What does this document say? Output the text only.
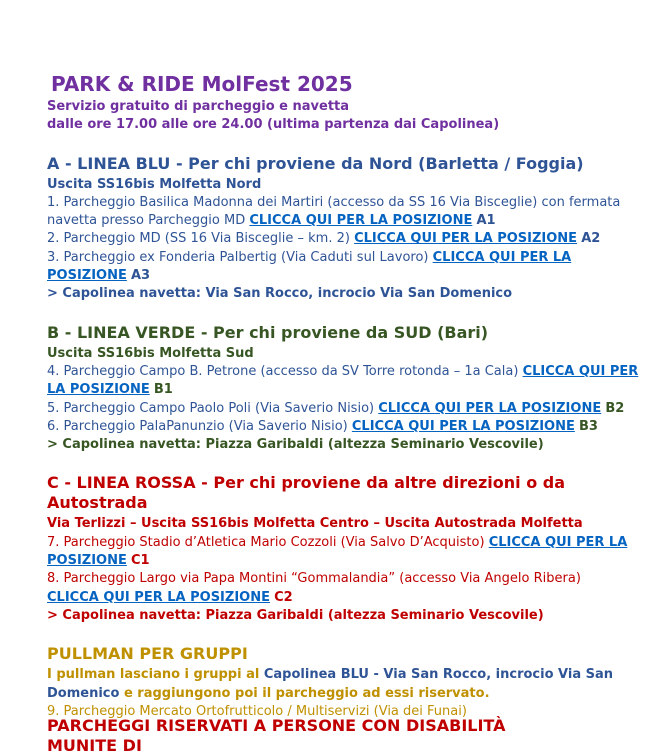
PARK & RIDE MolFest 2025
Servizio gratuito di parcheggio e navetta
dalle ore 17.00 alle ore 24.00 (ultima partenza dai Capolinea)
A - LINEA BLU - Per chi proviene da Nord (Barletta / Foggia)
Uscita SS16bis Molfetta Nord
1. Parcheggio Basilica Madonna dei Martiri (accesso da SS 16 Via Bisceglie) con fermata navetta presso Parcheggio MD CLICCA QUI PER LA POSIZIONE A1
2. Parcheggio MD (SS 16 Via Bisceglie – km. 2) CLICCA QUI PER LA POSIZIONE A2
3. Parcheggio ex Fonderia Palbertig (Via Caduti sul Lavoro) CLICCA QUI PER LA POSIZIONE A3
> Capolinea navetta: Via San Rocco, incrocio Via San Domenico
B - LINEA VERDE - Per chi proviene da SUD (Bari)
Uscita SS16bis Molfetta Sud
4. Parcheggio Campo B. Petrone (accesso da SV Torre rotonda – 1a Cala) CLICCA QUI PER LA POSIZIONE B1
5. Parcheggio Campo Paolo Poli (Via Saverio Nisio) CLICCA QUI PER LA POSIZIONE B2
6. Parcheggio PalaPanunzio (Via Saverio Nisio) CLICCA QUI PER LA POSIZIONE B3
> Capolinea navetta: Piazza Garibaldi (altezza Seminario Vescovile)
C - LINEA ROSSA - Per chi proviene da altre direzioni o da Autostrada
Via Terlizzi – Uscita SS16bis Molfetta Centro – Uscita Autostrada Molfetta
7. Parcheggio Stadio d’Atletica Mario Cozzoli (Via Salvo D’Acquisto) CLICCA QUI PER LA POSIZIONE C1
8. Parcheggio Largo via Papa Montini “Gommalandia” (accesso Via Angelo Ribera)
CLICCA QUI PER LA POSIZIONE C2
> Capolinea navetta: Piazza Garibaldi (altezza Seminario Vescovile)
PULLMAN PER GRUPPI
I pullman lasciano i gruppi al Capolinea BLU - Via San Rocco, incrocio Via San Domenico e raggiungono poi il parcheggio ad essi riservato.
9. Parcheggio Mercato Ortofrutticolo / Multiservizi (Via dei Funai)
PARCHEGGI RISERVATI A PERSONE CON DISABILITÀ MUNITE DI
